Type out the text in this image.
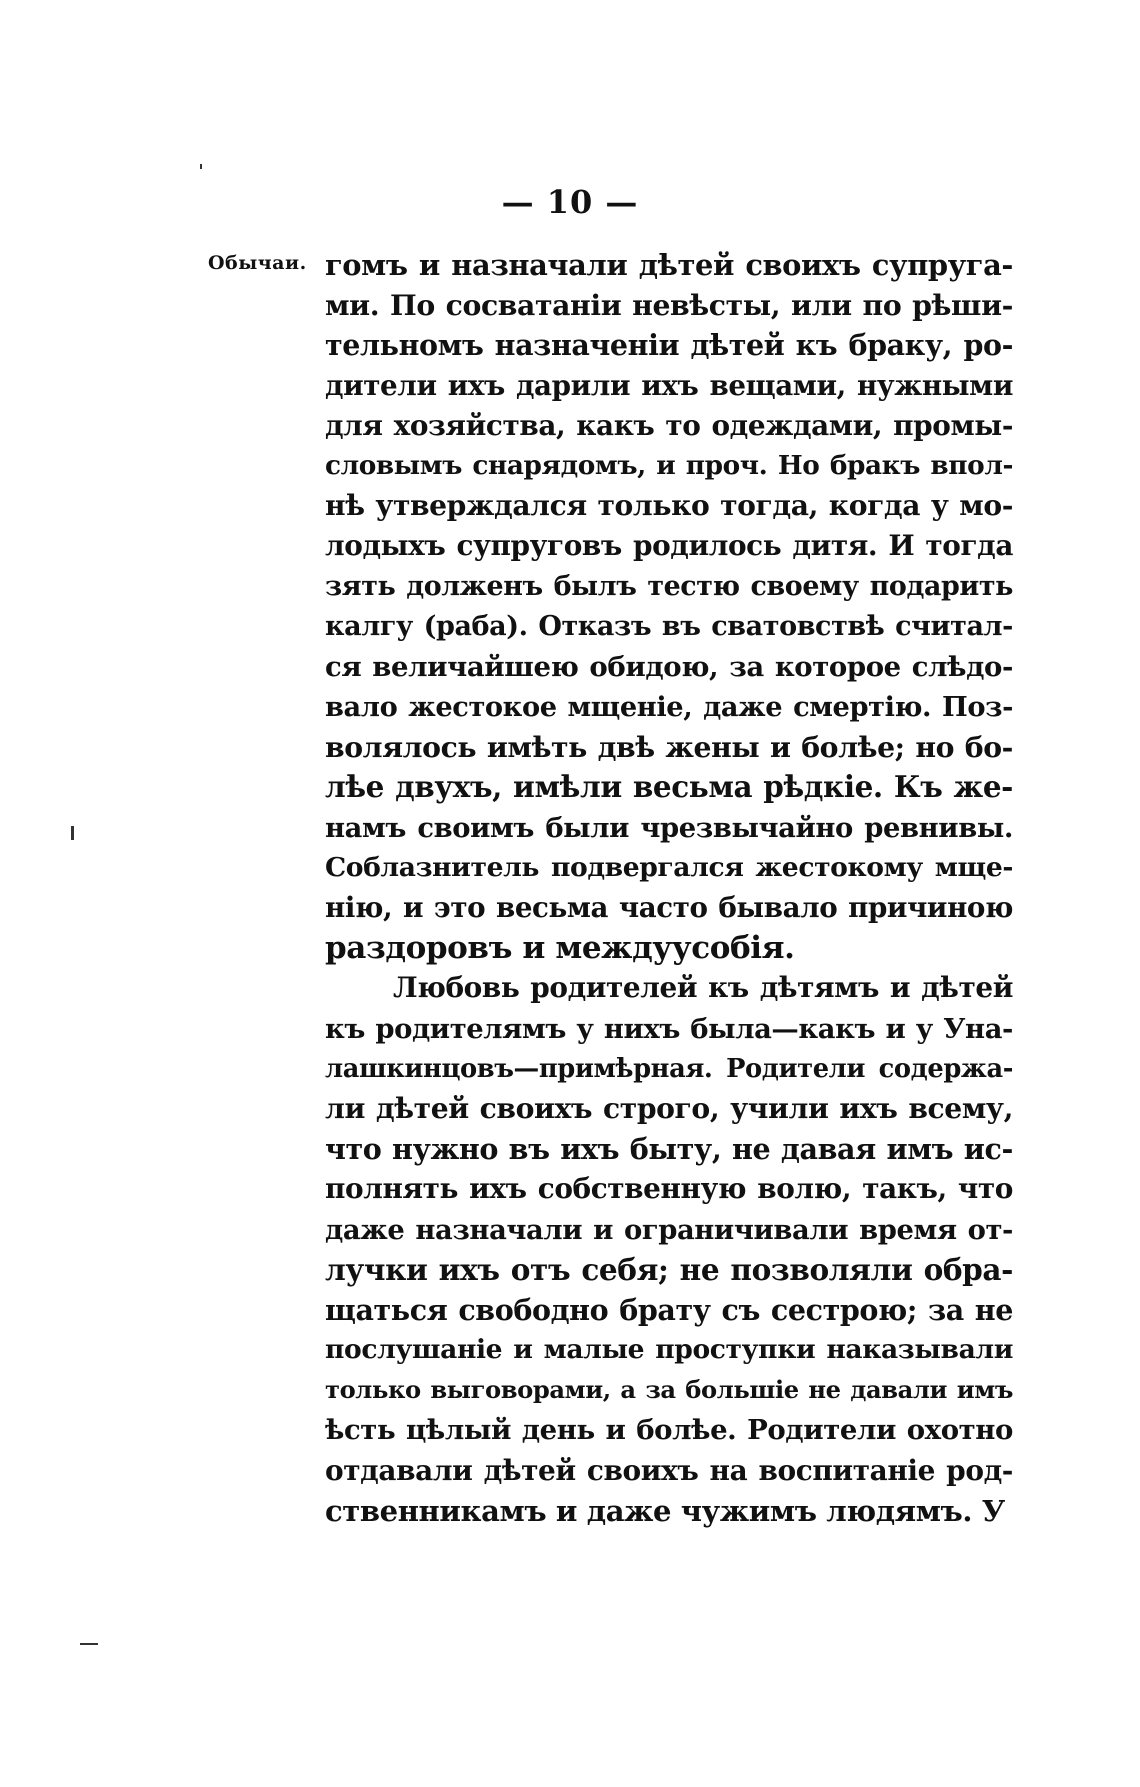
— 10 —
Обычаи. гомъ и назначали дѣтей своихъ супруга-
ми. По сосватаніи невѣсты, или по рѣши-
тельномъ назначеніи дѣтей къ браку, ро-
дители ихъ дарили ихъ вещами, нужными
для хозяйства, какъ то одеждами, промы-
словымъ снарядомъ, и проч. Но бракъ впол-
нѣ утверждался только тогда, когда у мо-
лодыхъ супруговъ родилось дитя. И тогда
зять долженъ былъ тестю своему подарить
калгу (раба). Отказъ въ сватовствѣ считал-
ся величайшею обидою, за которое слѣдо-
вало жестокое мщеніе, даже смертію. Поз-
волялось имѣть двѣ жены и болѣе; но бо-
лѣе двухъ, имѣли весьма рѣдкіе. Къ же-
намъ своимъ были чрезвычайно ревнивы.
Соблазнитель подвергался жестокому мще-
нію, и это весьма часто бывало причиною
раздоровъ и междуусобія.
Любовь родителей къ дѣтямъ и дѣтей
къ родителямъ у нихъ была—какъ и у Уна-
лашкинцовъ—примѣрная. Родители содержа-
ли дѣтей своихъ строго, учили ихъ всему,
что нужно въ ихъ быту, не давая имъ ис-
полнять ихъ собственную волю, такъ, что
даже назначали и ограничивали время от-
лучки ихъ отъ себя; не позволяли обра-
щаться свободно брату съ сестрою; за не
послушаніе и малые проступки наказывали
только выговорами, а за большіе не давали имъ
ѣсть цѣлый день и болѣе. Родители охотно
отдавали дѣтей своихъ на воспитаніе род-
ственникамъ и даже чужимъ людямъ. У
